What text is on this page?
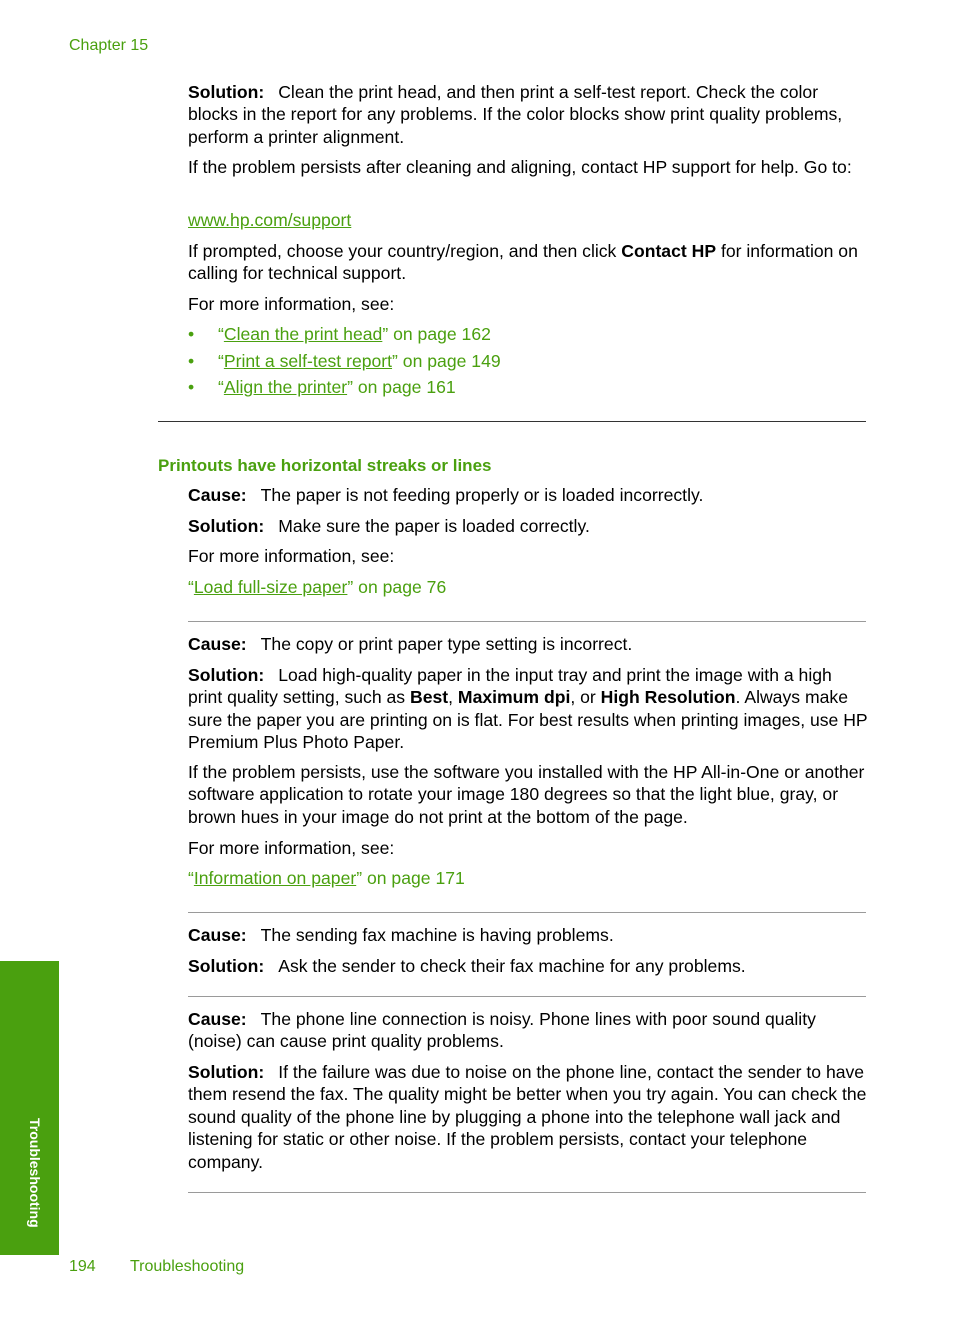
Chapter 15

Solution: Clean the print head, and then print a self-test report. Check the color blocks in the report for any problems. If the color blocks show print quality problems, perform a printer alignment.

If the problem persists after cleaning and aligning, contact HP support for help. Go to:

www.hp.com/support

If prompted, choose your country/region, and then click Contact HP for information on calling for technical support.

For more information, see:

• “Clean the print head” on page 162
• “Print a self-test report” on page 149
• “Align the printer” on page 161
Printouts have horizontal streaks or lines

Cause: The paper is not feeding properly or is loaded incorrectly.

Solution: Make sure the paper is loaded correctly.

For more information, see:

“Load full-size paper” on page 76

Cause: The copy or print paper type setting is incorrect.

Solution: Load high-quality paper in the input tray and print the image with a high print quality setting, such as Best, Maximum dpi, or High Resolution. Always make sure the paper you are printing on is flat. For best results when printing images, use HP Premium Plus Photo Paper.

If the problem persists, use the software you installed with the HP All-in-One or another software application to rotate your image 180 degrees so that the light blue, gray, or brown hues in your image do not print at the bottom of the page.

For more information, see:

“Information on paper” on page 171

Cause: The sending fax machine is having problems.

Solution: Ask the sender to check their fax machine for any problems.

Cause: The phone line connection is noisy. Phone lines with poor sound quality (noise) can cause print quality problems.

Solution: If the failure was due to noise on the phone line, contact the sender to have them resend the fax. The quality might be better when you try again. You can check the sound quality of the phone line by plugging a phone into the telephone wall jack and listening for static or other noise. If the problem persists, contact your telephone company.

Troubleshooting
194 Troubleshooting
